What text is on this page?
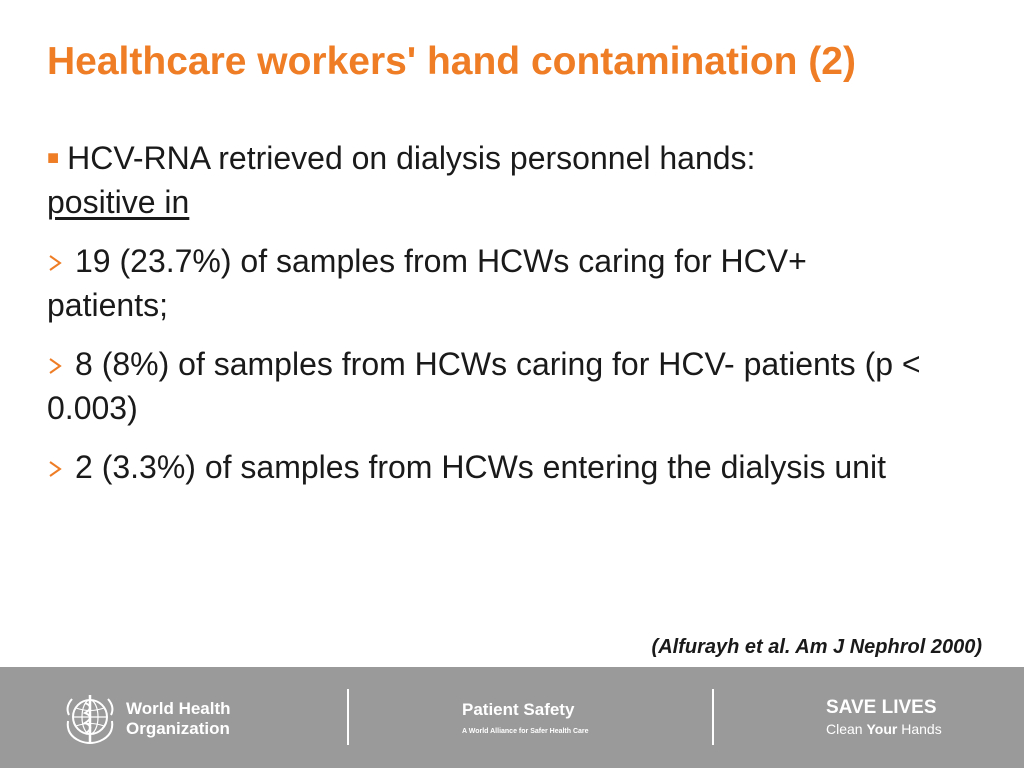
Healthcare workers' hand contamination (2)

■ HCV-RNA retrieved on dialysis personnel hands:
positive in

19 (23.7%) of samples from HCWs caring for HCV+ patients;

8 (8%) of samples from HCWs caring for HCV- patients (p < 0.003)

2 (3.3%) of samples from HCWs entering the dialysis unit

(Alfurayh et al. Am J Nephrol 2000)
World Health
Organization
Patient Safety
A World Alliance for Safer Health Care
SAVE LIVES
Clean Your Hands
